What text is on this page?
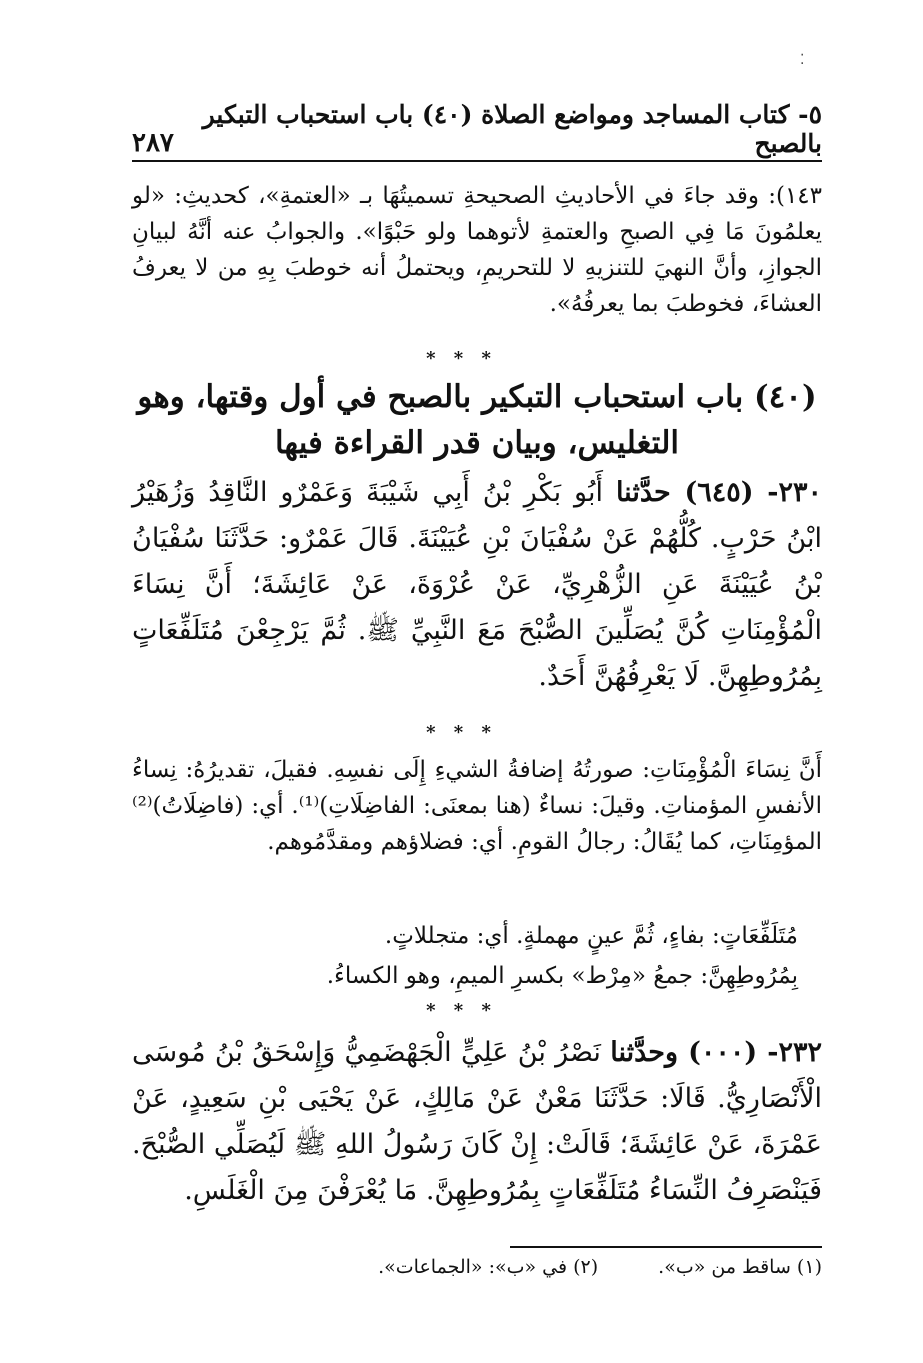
⁚
٥- كتاب المساجد ومواضع الصلاة (٤٠) باب استحباب التبكير بالصبح
٢٨٧
١٤٣): وقد جاءَ في الأحاديثِ الصحيحةِ تسميتُهَا بـ «العتمةِ»، كحديثِ: «لو يعلمُونَ مَا فِي الصبحِ والعتمةِ لأتوهما ولو حَبْوًا». والجوابُ عنه أنَّهُ لبيانِ الجوازِ، وأنَّ النهيَ للتنزيهِ لا للتحريمِ، ويحتملُ أنه خوطبَ بِهِ من لا يعرفُ العشاءَ، فخوطبَ بما يعرفُهُ».
* * *
(٤٠) باب استحباب التبكير بالصبح في أول وقتها، وهو
التغليس، وبيان قدر القراءة فيها
٢٣٠- (٦٤٥) حدَّثنا أَبُو بَكْرِ بْنُ أَبِي شَيْبَةَ وَعَمْرٌو النَّاقِدُ وَزُهَيْرُ ابْنُ حَرْبٍ. كُلُّهُمْ عَنْ سُفْيَانَ بْنِ عُيَيْنَةَ. قَالَ عَمْرٌو: حَدَّثَنَا سُفْيَانُ بْنُ عُيَيْنَةَ عَنِ الزُّهْرِيِّ، عَنْ عُرْوَةَ، عَنْ عَائِشَةَ؛ أَنَّ نِسَاءَ الْمُؤْمِنَاتِ كُنَّ يُصَلِّينَ الصُّبْحَ مَعَ النَّبِيِّ ﷺ. ثُمَّ يَرْجِعْنَ مُتَلَفِّعَاتٍ بِمُرُوطِهِنَّ. لَا يَعْرِفُهُنَّ أَحَدٌ.
* * *
أَنَّ نِسَاءَ الْمُؤْمِنَاتِ: صورتُهُ إضافةُ الشيءِ إِلَى نفسِهِ. فقيلَ، تقديرُهُ: نِساءُ الأنفسِ المؤمناتِ. وقيلَ: نساءٌ (هنا بمعنَى: الفاضِلَاتِ)⁽¹⁾. أي: (فاضِلَاتُ)⁽²⁾ المؤمِنَاتِ، كما يُقَالُ: رجالُ القومِ. أي: فضلاؤهم ومقدَّمُوهم.
مُتَلَفِّعَاتٍ: بفاءٍ، ثُمَّ عينٍ مهملةٍ. أي: متجللاتٍ.
بِمُرُوطِهِنَّ: جمعُ «مِرْط» بكسرِ الميمِ، وهو الكساءُ.
* * *
٢٣٢- (٠٠٠) وحدَّثنا نَصْرُ بْنُ عَلِيٍّ الْجَهْضَمِيُّ وَإِسْحَقُ بْنُ مُوسَى الْأَنْصَارِيُّ. قَالَا: حَدَّثَنَا مَعْنٌ عَنْ مَالِكٍ، عَنْ يَحْيَى بْنِ سَعِيدٍ، عَنْ عَمْرَةَ، عَنْ عَائِشَةَ؛ قَالَتْ: إِنْ كَانَ رَسُولُ اللهِ ﷺ لَيُصَلِّي الصُّبْحَ. فَيَنْصَرِفُ النِّسَاءُ مُتَلَفِّعَاتٍ بِمُرُوطِهِنَّ. مَا يُعْرَفْنَ مِنَ الْغَلَسِ.
(١) ساقط من «ب».
(٢) في «ب»: «الجماعات».
